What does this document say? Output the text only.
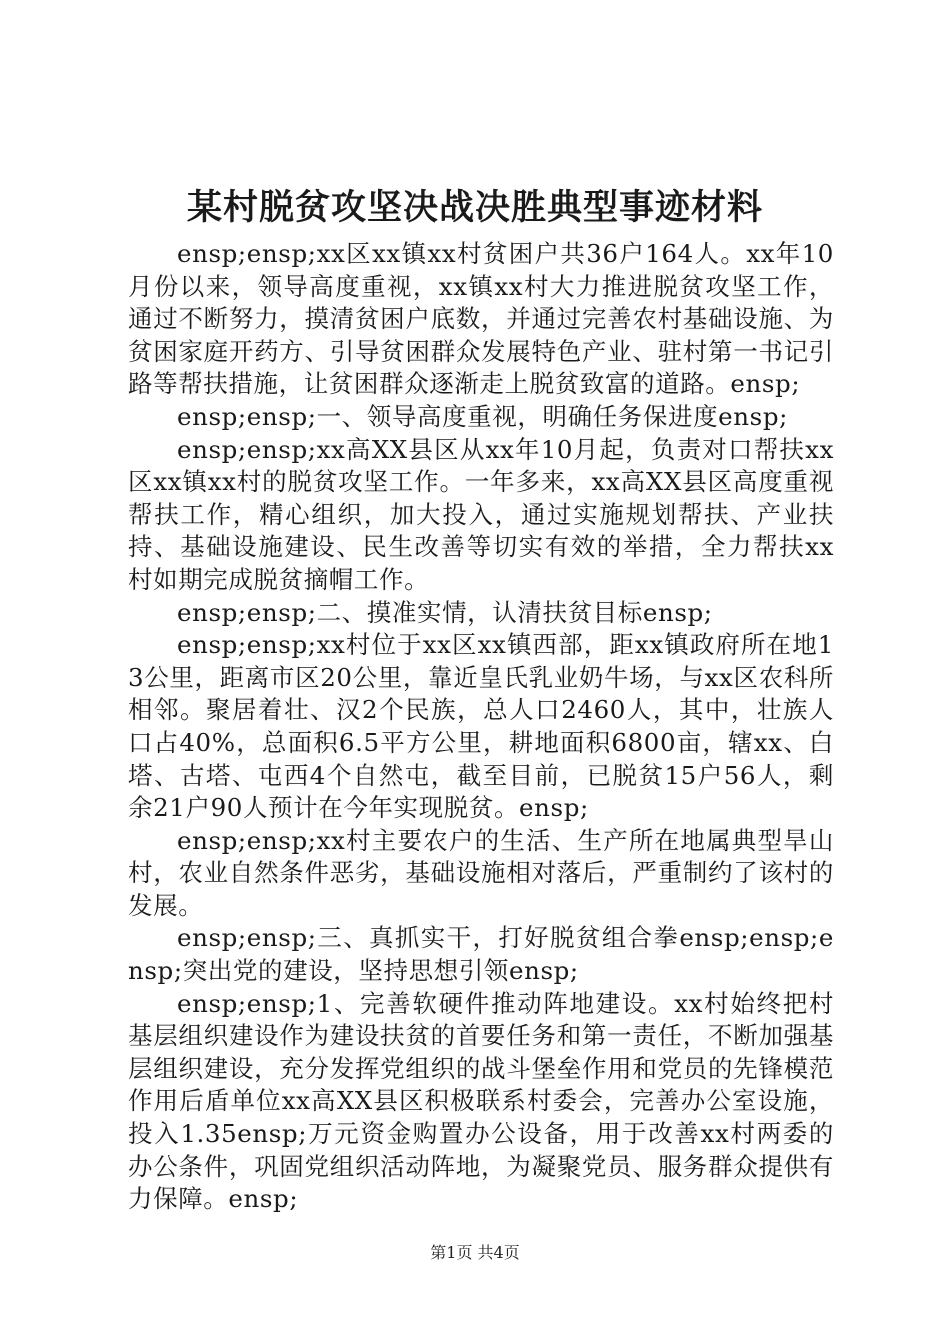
某村脱贫攻坚决战决胜典型事迹材料

ensp;ensp;xx区xx镇xx村贫困户共36户164人。xx年10月份以来，领导高度重视，xx镇xx村大力推进脱贫攻坚工作，通过不断努力，摸清贫困户底数，并通过完善农村基础设施、为贫困家庭开药方、引导贫困群众发展特色产业、驻村第一书记引路等帮扶措施，让贫困群众逐渐走上脱贫致富的道路。ensp;

ensp;ensp;一、领导高度重视，明确任务保进度ensp;

ensp;ensp;xx高XX县区从xx年10月起，负责对口帮扶xx区xx镇xx村的脱贫攻坚工作。一年多来，xx高XX县区高度重视帮扶工作，精心组织，加大投入，通过实施规划帮扶、产业扶持、基础设施建设、民生改善等切实有效的举措，全力帮扶xx村如期完成脱贫摘帽工作。

ensp;ensp;二、摸准实情，认清扶贫目标ensp;

ensp;ensp;xx村位于xx区xx镇西部，距xx镇政府所在地13公里，距离市区20公里，靠近皇氏乳业奶牛场，与xx区农科所相邻。聚居着壮、汉2个民族，总人口2460人，其中，壮族人口占40%，总面积6.5平方公里，耕地面积6800亩，辖xx、白塔、古塔、屯西4个自然屯，截至目前，已脱贫15户56人，剩余21户90人预计在今年实现脱贫。ensp;

ensp;ensp;xx村主要农户的生活、生产所在地属典型旱山村，农业自然条件恶劣，基础设施相对落后，严重制约了该村的发展。

ensp;ensp;三、真抓实干，打好脱贫组合拳ensp;ensp;ensp;突出党的建设，坚持思想引领ensp;

ensp;ensp;1、完善软硬件推动阵地建设。xx村始终把村基层组织建设作为建设扶贫的首要任务和第一责任，不断加强基层组织建设，充分发挥党组织的战斗堡垒作用和党员的先锋模范作用后盾单位xx高XX县区积极联系村委会，完善办公室设施，投入1.35ensp;万元资金购置办公设备，用于改善xx村两委的办公条件，巩固党组织活动阵地，为凝聚党员、服务群众提供有力保障。ensp;

第1页 共4页
